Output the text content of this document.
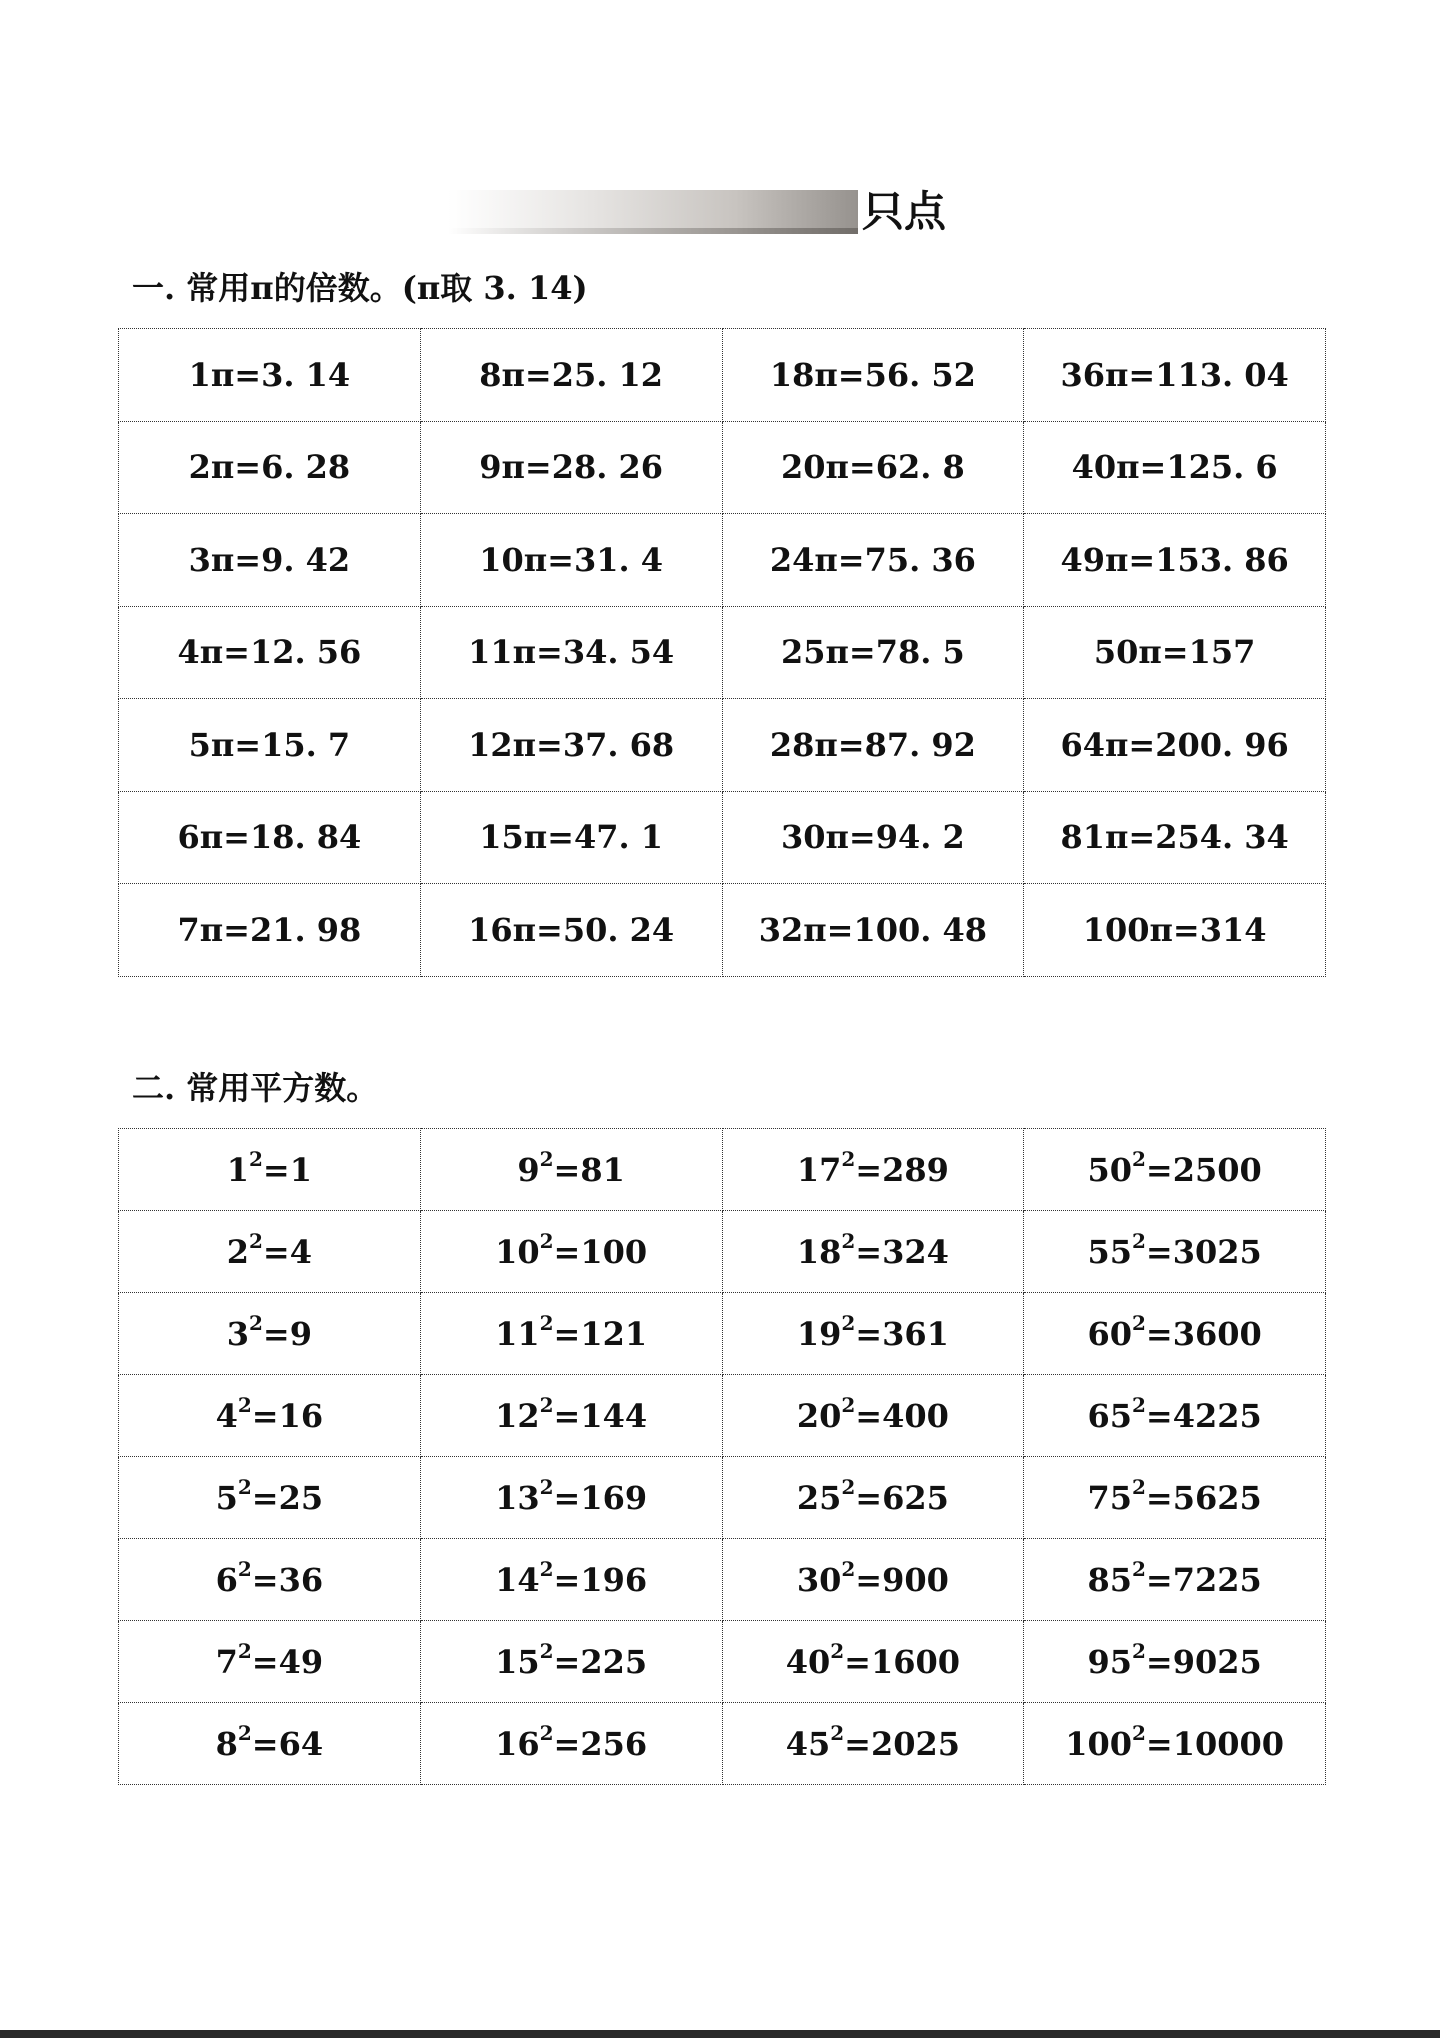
只点
一. 常用π的倍数。(π取 3. 14)
1π=3. 14	8π=25. 12	18π=56. 52	36π=113. 04
2π=6. 28	9π=28. 26	20π=62. 8	40π=125. 6
3π=9. 42	10π=31. 4	24π=75. 36	49π=153. 86
4π=12. 56	11π=34. 54	25π=78. 5	50π=157
5π=15. 7	12π=37. 68	28π=87. 92	64π=200. 96
6π=18. 84	15π=47. 1	30π=94. 2	81π=254. 34
7π=21. 98	16π=50. 24	32π=100. 48	100π=314
二. 常用平方数。
$1^2=1$	$9^2=81$	$17^2=289$	$50^2=2500$
$2^2=4$	$10^2=100$	$18^2=324$	$55^2=3025$
$3^2=9$	$11^2=121$	$19^2=361$	$60^2=3600$
$4^2=16$	$12^2=144$	$20^2=400$	$65^2=4225$
$5^2=25$	$13^2=169$	$25^2=625$	$75^2=5625$
$6^2=36$	$14^2=196$	$30^2=900$	$85^2=7225$
$7^2=49$	$15^2=225$	$40^2=1600$	$95^2=9025$
$8^2=64$	$16^2=256$	$45^2=2025$	$100^2=10000$
